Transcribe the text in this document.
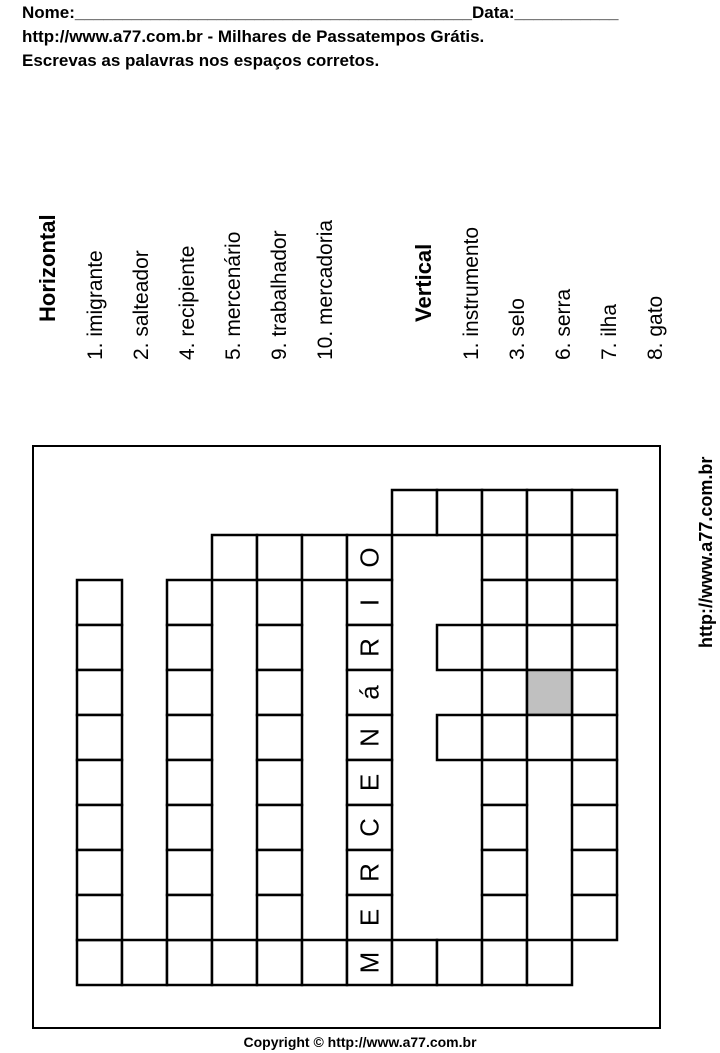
Nome:__________________________________________Data:___________
http://www.a77.com.br - Milhares de Passatempos Grátis.
Escrevas as palavras nos espaços corretos.
Horizontal 1. imigrante 2. salteador 4. recipiente 5. mercenário 9. trabalhador 10. mercadoria	Vertical 1. instrumento 3. selo 6. serra 7. ilha 8. gato
http://www.a77.com.br
M
E
R
C
E
N
á
R
I
O
Copyright © http://www.a77.com.br
